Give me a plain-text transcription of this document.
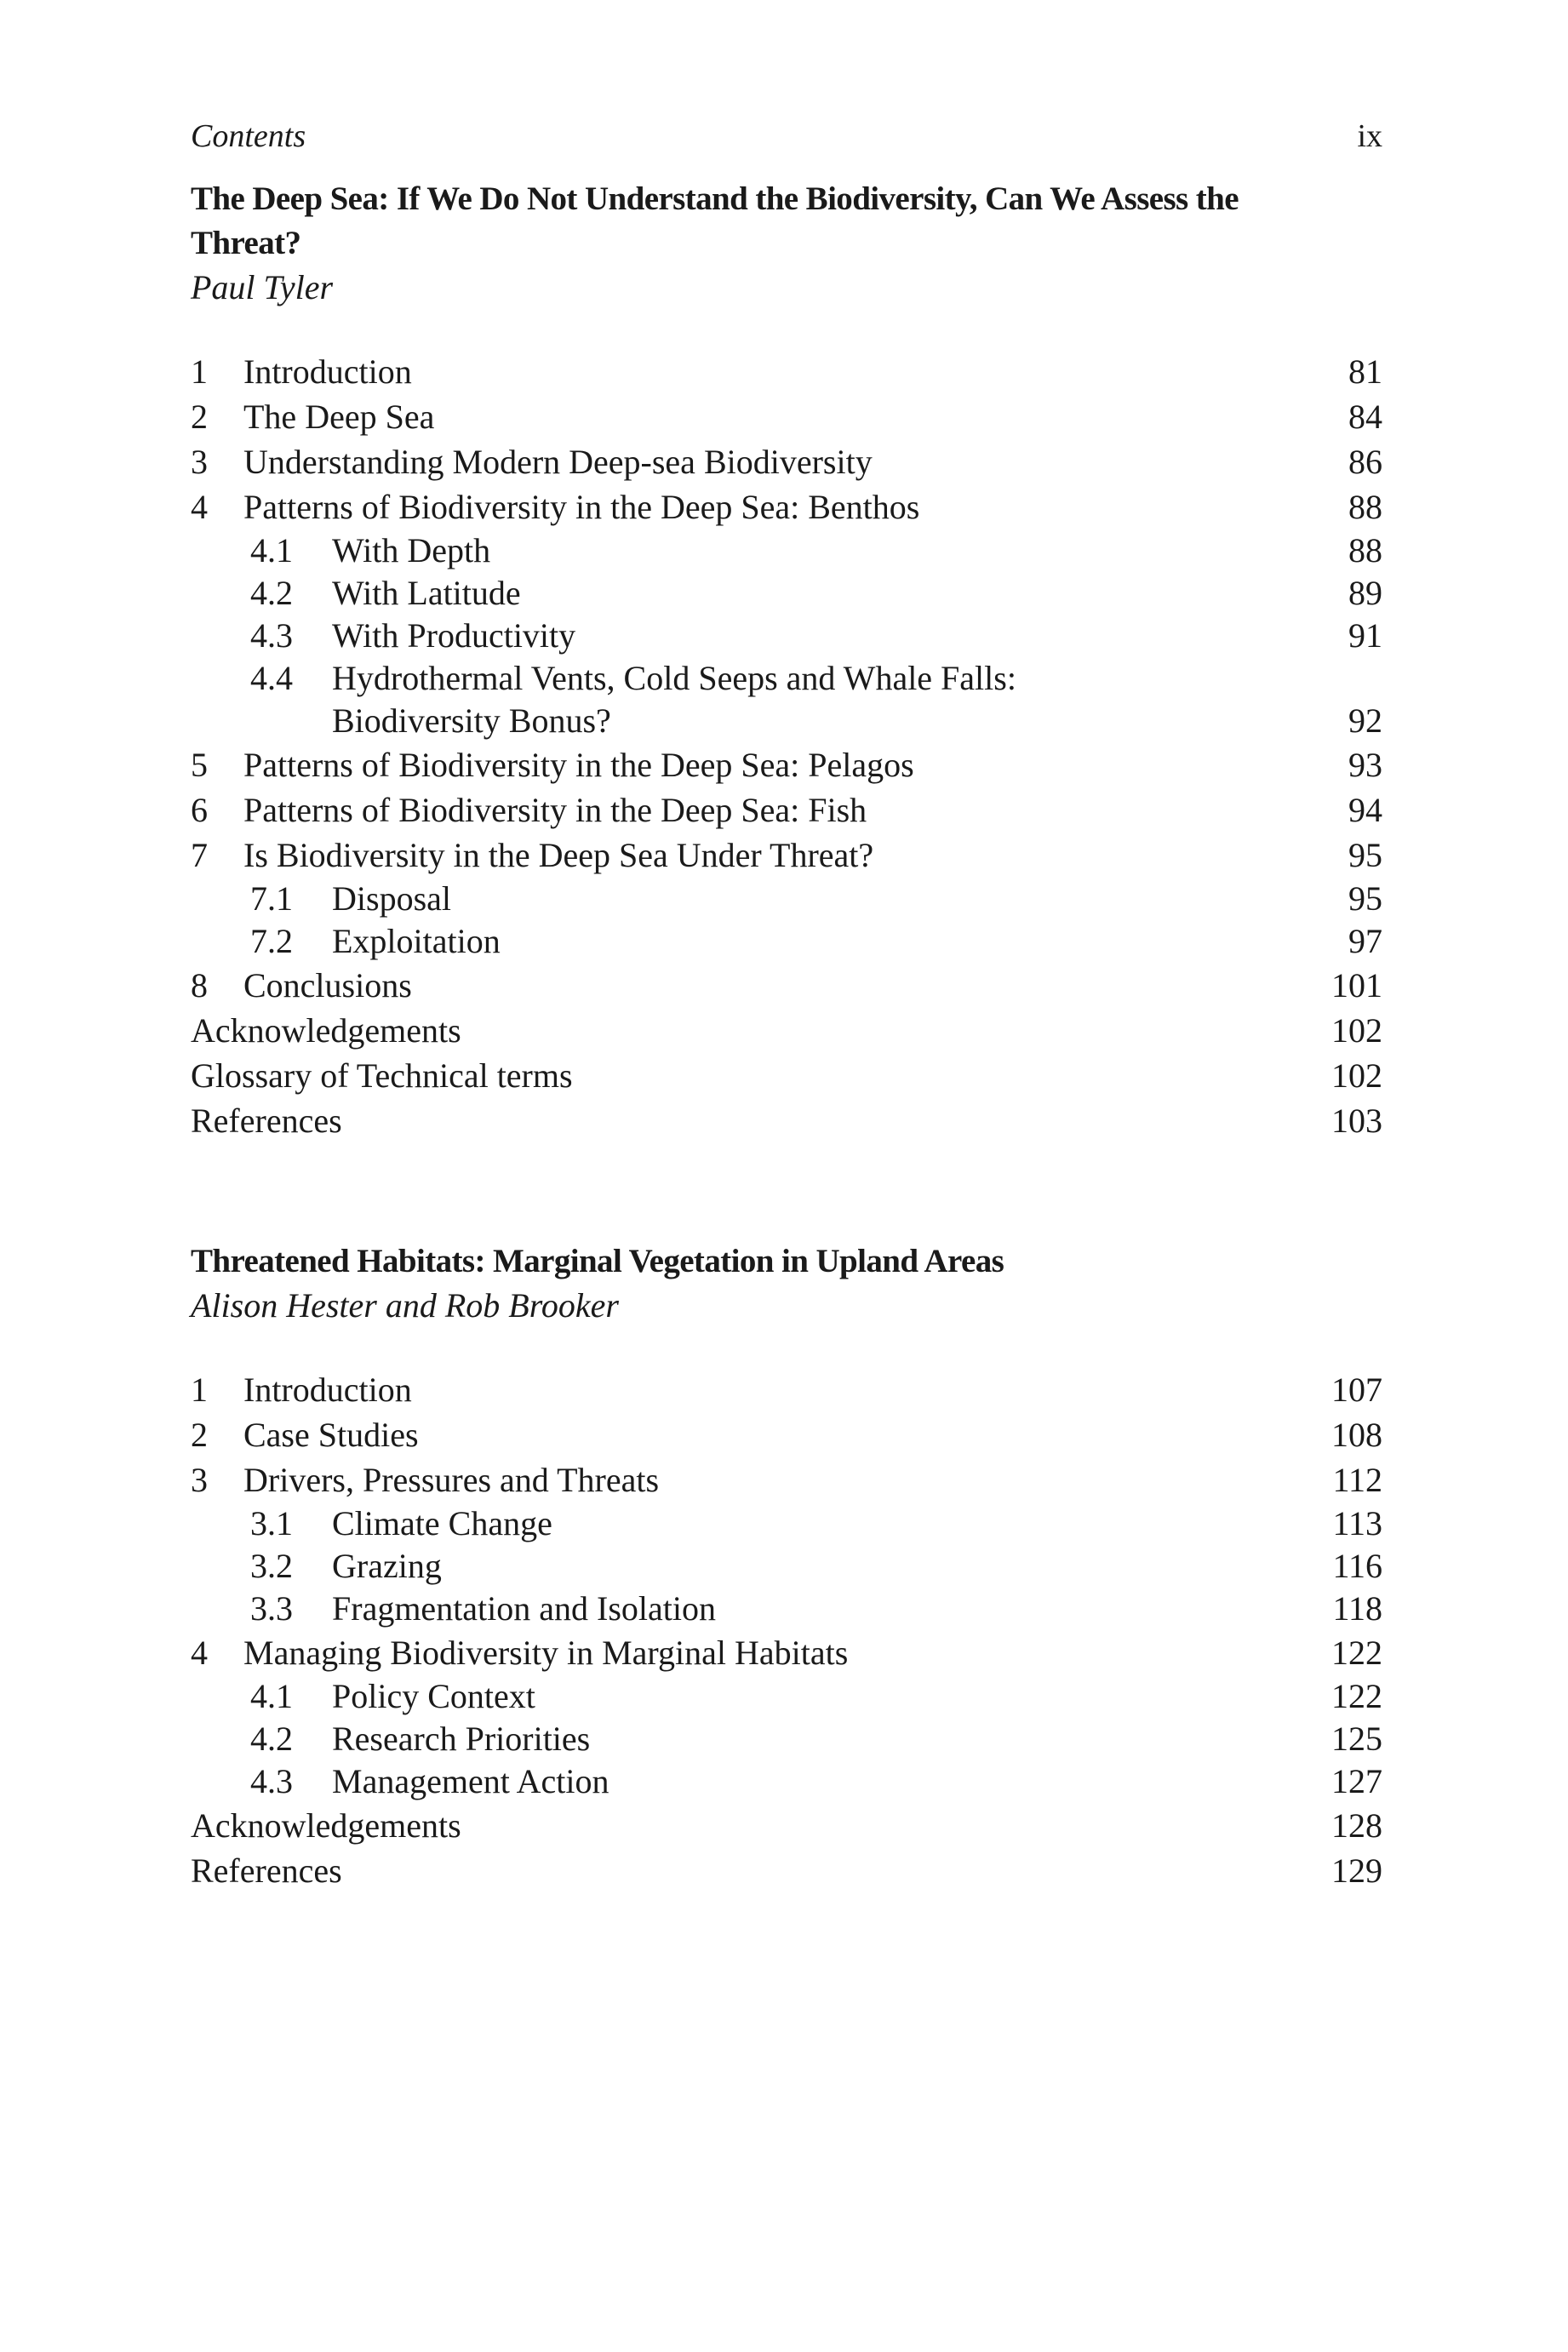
Contents	ix
The Deep Sea: If We Do Not Understand the Biodiversity, Can We Assess the Threat?
Paul Tyler
1 Introduction	81
2 The Deep Sea	84
3 Understanding Modern Deep-sea Biodiversity	86
4 Patterns of Biodiversity in the Deep Sea: Benthos	88
4.1 With Depth	88
4.2 With Latitude	89
4.3 With Productivity	91
4.4 Hydrothermal Vents, Cold Seeps and Whale Falls:
Biodiversity Bonus?	92
5 Patterns of Biodiversity in the Deep Sea: Pelagos	93
6 Patterns of Biodiversity in the Deep Sea: Fish	94
7 Is Biodiversity in the Deep Sea Under Threat?	95
7.1 Disposal	95
7.2 Exploitation	97
8 Conclusions	101
Acknowledgements	102
Glossary of Technical terms	102
References	103
Threatened Habitats: Marginal Vegetation in Upland Areas
Alison Hester and Rob Brooker
1 Introduction	107
2 Case Studies	108
3 Drivers, Pressures and Threats	112
3.1 Climate Change	113
3.2 Grazing	116
3.3 Fragmentation and Isolation	118
4 Managing Biodiversity in Marginal Habitats	122
4.1 Policy Context	122
4.2 Research Priorities	125
4.3 Management Action	127
Acknowledgements	128
References	129
